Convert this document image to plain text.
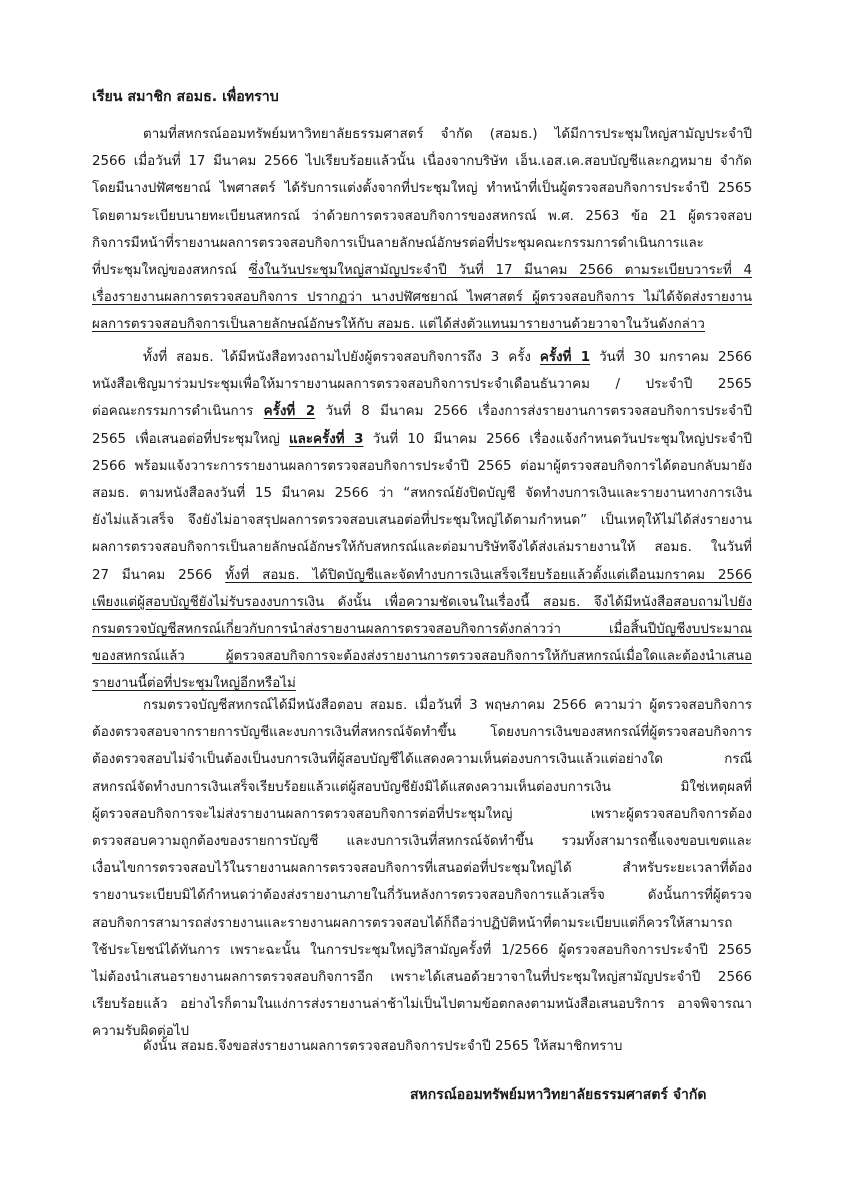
เรียน สมาชิก สอมธ. เพื่อทราบ
ตามที่สหกรณ์ออมทรัพย์มหาวิทยาลัยธรรมศาสตร์ จำกัด (สอมธ.) ได้มีการประชุมใหญ่สามัญประจำปี
2566 เมื่อวันที่ 17 มีนาคม 2566 ไปเรียบร้อยแล้วนั้น เนื่องจากบริษัท เอ็น.เอส.เค.สอบบัญชีและกฎหมาย จำกัด
โดยมีนางปฬัศชยาณ์ ไพศาสตร์ ได้รับการแต่งตั้งจากที่ประชุมใหญ่ ทำหน้าที่เป็นผู้ตรวจสอบกิจการประจำปี 2565
โดยตามระเบียบนายทะเบียนสหกรณ์ ว่าด้วยการตรวจสอบกิจการของสหกรณ์ พ.ศ. 2563 ข้อ 21 ผู้ตรวจสอบ
กิจการมีหน้าที่รายงานผลการตรวจสอบกิจการเป็นลายลักษณ์อักษรต่อที่ประชุมคณะกรรมการดำเนินการและ
ที่ประชุมใหญ่ของสหกรณ์ ซึ่งในวันประชุมใหญ่สามัญประจำปี วันที่ 17 มีนาคม 2566 ตามระเบียบวาระที่ 4
เรื่องรายงานผลการตรวจสอบกิจการ ปรากฏว่า นางปฬัศชยาณ์ ไพศาสตร์ ผู้ตรวจสอบกิจการ ไม่ได้จัดส่งรายงาน
ผลการตรวจสอบกิจการเป็นลายลักษณ์อักษรให้กับ สอมธ. แต่ได้ส่งตัวแทนมารายงานด้วยวาจาในวันดังกล่าว
ทั้งที่ สอมธ. ได้มีหนังสือทวงถามไปยังผู้ตรวจสอบกิจการถึง 3 ครั้ง ครั้งที่ 1 วันที่ 30 มกราคม 2566
หนังสือเชิญมาร่วมประชุมเพื่อให้มารายงานผลการตรวจสอบกิจการประจำเดือนธันวาคม / ประจำปี 2565
ต่อคณะกรรมการดำเนินการ ครั้งที่ 2 วันที่ 8 มีนาคม 2566 เรื่องการส่งรายงานการตรวจสอบกิจการประจำปี
2565 เพื่อเสนอต่อที่ประชุมใหญ่ และครั้งที่ 3 วันที่ 10 มีนาคม 2566 เรื่องแจ้งกำหนดวันประชุมใหญ่ประจำปี
2566 พร้อมแจ้งวาระการรายงานผลการตรวจสอบกิจการประจำปี 2565 ต่อมาผู้ตรวจสอบกิจการได้ตอบกลับมายัง
สอมธ. ตามหนังสือลงวันที่ 15 มีนาคม 2566 ว่า “สหกรณ์ยังปิดบัญชี จัดทำงบการเงินและรายงานทางการเงิน
ยังไม่แล้วเสร็จ จึงยังไม่อาจสรุปผลการตรวจสอบเสนอต่อที่ประชุมใหญ่ได้ตามกำหนด” เป็นเหตุให้ไม่ได้ส่งรายงาน
ผลการตรวจสอบกิจการเป็นลายลักษณ์อักษรให้กับสหกรณ์และต่อมาบริษัทจึงได้ส่งเล่มรายงานให้ สอมธ. ในวันที่
27 มีนาคม 2566 ทั้งที่ สอมธ. ได้ปิดบัญชีและจัดทำงบการเงินเสร็จเรียบร้อยแล้วตั้งแต่เดือนมกราคม 2566
เพียงแต่ผู้สอบบัญชียังไม่รับรองงบการเงิน ดังนั้น เพื่อความชัดเจนในเรื่องนี้ สอมธ. จึงได้มีหนังสือสอบถามไปยัง
กรมตรวจบัญชีสหกรณ์เกี่ยวกับการนำส่งรายงานผลการตรวจสอบกิจการดังกล่าวว่า เมื่อสิ้นปีบัญชีงบประมาณ
ของสหกรณ์แล้ว ผู้ตรวจสอบกิจการจะต้องส่งรายงานการตรวจสอบกิจการให้กับสหกรณ์เมื่อใดและต้องนำเสนอ
รายงานนี้ต่อที่ประชุมใหญ่อีกหรือไม่
กรมตรวจบัญชีสหกรณ์ได้มีหนังสือตอบ สอมธ. เมื่อวันที่ 3 พฤษภาคม 2566 ความว่า ผู้ตรวจสอบกิจการ
ต้องตรวจสอบจากรายการบัญชีและงบการเงินที่สหกรณ์จัดทำขึ้น โดยงบการเงินของสหกรณ์ที่ผู้ตรวจสอบกิจการ
ต้องตรวจสอบไม่จำเป็นต้องเป็นงบการเงินที่ผู้สอบบัญชีได้แสดงความเห็นต่องบการเงินแล้วแต่อย่างใด กรณี
สหกรณ์จัดทำงบการเงินเสร็จเรียบร้อยแล้วแต่ผู้สอบบัญชียังมิได้แสดงความเห็นต่องบการเงิน มิใช่เหตุผลที่
ผู้ตรวจสอบกิจการจะไม่ส่งรายงานผลการตรวจสอบกิจการต่อที่ประชุมใหญ่ เพราะผู้ตรวจสอบกิจการต้อง
ตรวจสอบความถูกต้องของรายการบัญชี และงบการเงินที่สหกรณ์จัดทำขึ้น รวมทั้งสามารถชี้แจงขอบเขตและ
เงื่อนไขการตรวจสอบไว้ในรายงานผลการตรวจสอบกิจการที่เสนอต่อที่ประชุมใหญ่ได้ สำหรับระยะเวลาที่ต้อง
รายงานระเบียบมิได้กำหนดว่าต้องส่งรายงานภายในกี่วันหลังการตรวจสอบกิจการแล้วเสร็จ ดังนั้นการที่ผู้ตรวจ
สอบกิจการสามารถส่งรายงานและรายงานผลการตรวจสอบได้ก็ถือว่าปฏิบัติหน้าที่ตามระเบียบแต่ก็ควรให้สามารถ
ใช้ประโยชน์ได้ทันการ เพราะฉะนั้น ในการประชุมใหญ่วิสามัญครั้งที่ 1/2566 ผู้ตรวจสอบกิจการประจำปี 2565
ไม่ต้องนำเสนอรายงานผลการตรวจสอบกิจการอีก เพราะได้เสนอด้วยวาจาในที่ประชุมใหญ่สามัญประจำปี 2566
เรียบร้อยแล้ว อย่างไรก็ตามในแง่การส่งรายงานล่าช้าไม่เป็นไปตามข้อตกลงตามหนังสือเสนอบริการ อาจพิจารณา
ความรับผิดต่อไป
ดังนั้น สอมธ.จึงขอส่งรายงานผลการตรวจสอบกิจการประจำปี 2565 ให้สมาชิกทราบ
สหกรณ์ออมทรัพย์มหาวิทยาลัยธรรมศาสตร์ จำกัด
